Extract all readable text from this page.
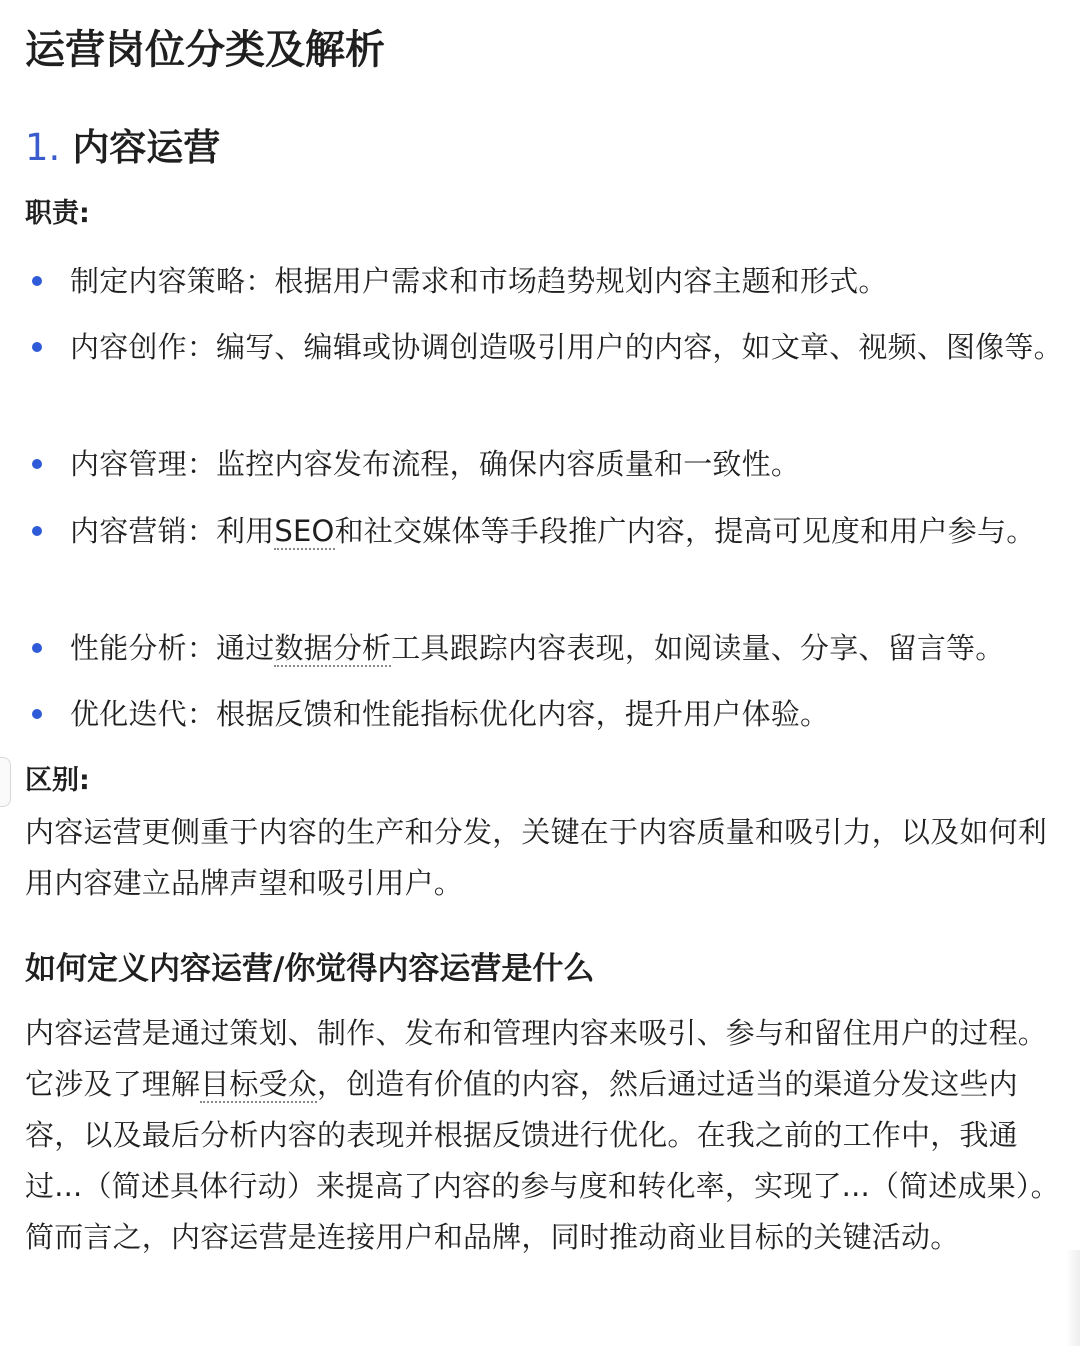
运营岗位分类及解析
1. 内容运营

职责:

制定内容策略：根据用户需求和市场趋势规划内容主题和形式。

内容创作：编写、编辑或协调创造吸引用户的内容，如文章、视频、图像等。

内容管理：监控内容发布流程，确保内容质量和一致性。

内容营销：利用SEO和社交媒体等手段推广内容，提高可见度和用户参与。

性能分析：通过数据分析工具跟踪内容表现，如阅读量、分享、留言等。

优化迭代：根据反馈和性能指标优化内容，提升用户体验。

区别:

内容运营更侧重于内容的生产和分发，关键在于内容质量和吸引力，以及如何利用内容建立品牌声望和吸引用户。

如何定义内容运营/你觉得内容运营是什么

内容运营是通过策划、制作、发布和管理内容来吸引、参与和留住用户的过程。它涉及了理解目标受众，创造有价值的内容，然后通过适当的渠道分发这些内容，以及最后分析内容的表现并根据反馈进行优化。在我之前的工作中，我通过...（简述具体行动）来提高了内容的参与度和转化率，实现了...（简述成果）。简而言之，内容运营是连接用户和品牌，同时推动商业目标的关键活动。
